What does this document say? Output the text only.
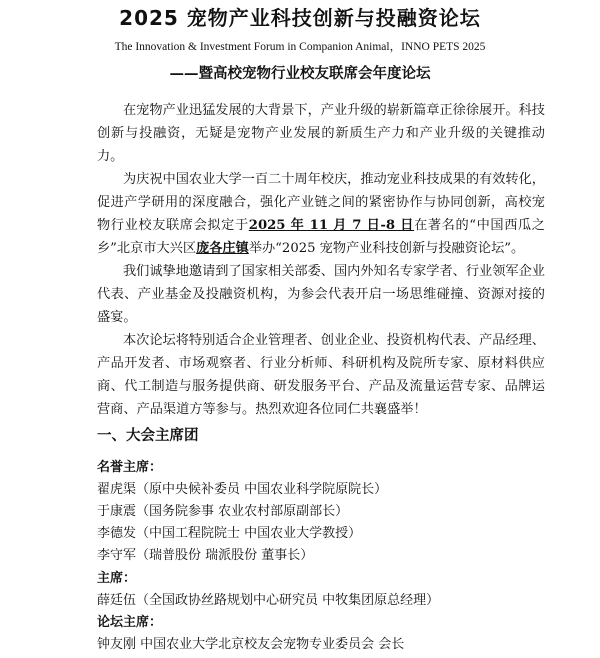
2025 宠物产业科技创新与投融资论坛
The Innovation & Investment Forum in Companion Animal，INNO PETS 2025
——暨高校宠物行业校友联席会年度论坛

在宠物产业迅猛发展的大背景下，产业升级的崭新篇章正徐徐展开。科技创新与投融资，无疑是宠物产业发展的新质生产力和产业升级的关键推动力。

为庆祝中国农业大学一百二十周年校庆，推动宠业科技成果的有效转化，促进产学研用的深度融合，强化产业链之间的紧密协作与协同创新，高校宠物行业校友联席会拟定于2025 年 11 月 7 日-8 日在著名的“中国西瓜之乡”北京市大兴区庞各庄镇举办“2025 宠物产业科技创新与投融资论坛”。

我们诚挚地邀请到了国家相关部委、国内外知名专家学者、行业领军企业代表、产业基金及投融资机构，为参会代表开启一场思维碰撞、资源对接的盛宴。

本次论坛将特别适合企业管理者、创业企业、投资机构代表、产品经理、产品开发者、市场观察者、行业分析师、科研机构及院所专家、原材料供应商、代工制造与服务提供商、研发服务平台、产品及流量运营专家、品牌运营商、产品渠道方等参与。热烈欢迎各位同仁共襄盛举！

一、大会主席团
名誉主席：
翟虎渠（原中央候补委员 中国农业科学院原院长）
于康震（国务院参事 农业农村部原副部长）
李德发（中国工程院院士 中国农业大学教授）
李守军（瑞普股份 瑞派股份 董事长）
主席：
薛廷伍（全国政协丝路规划中心研究员 中牧集团原总经理）
论坛主席：
钟友刚 中国农业大学北京校友会宠物专业委员会 会长
